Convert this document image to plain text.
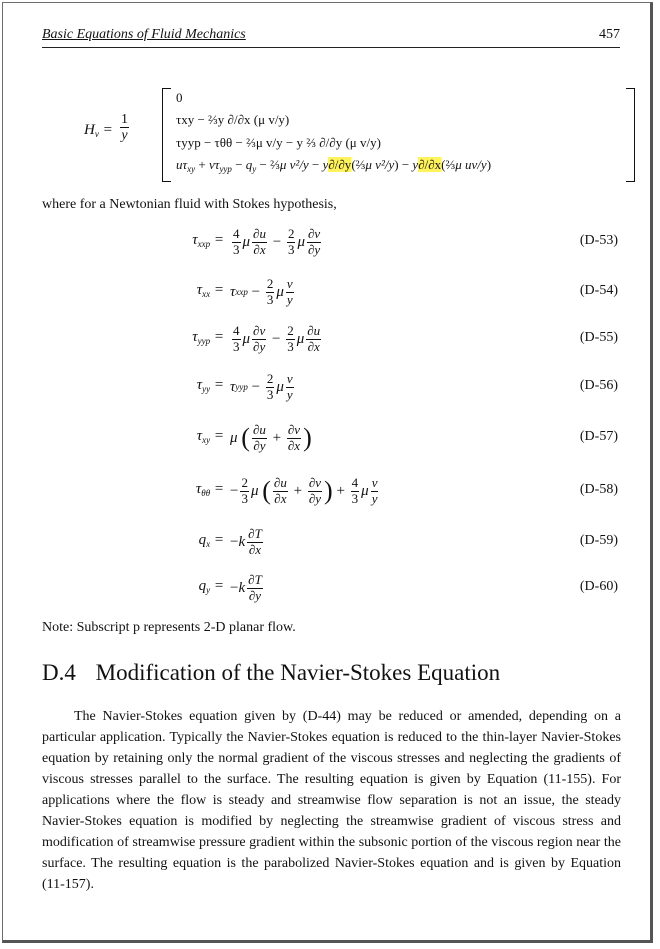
Basic Equations of Fluid Mechanics	457
$H_v = \frac{1}{y}$
0
τxy − ⅔y ∂/∂x (μ v/y)
τyyp − τθθ − ⅔μ v/y − y ⅔ ∂/∂y (μ v/y)
$u\tau_{xy} + v\tau_{yyp} - q_y$ − ⅔μ v²/y − y∂/∂y(⅔μ v²/y) − y∂/∂x(⅔μ uv/y)
where for a Newtonian fluid with Stokes hypothesis,
$\tau_{xxp} = \frac{4}{3}$ μ $\frac{\partial u}{\partial x} - \frac{2}{3}$ μ $\frac{\partial v}{\partial y}$	(D-53)
$\tau_{xx} = \tau$ xxp − $\frac{2}{3}$ μ $\frac{v}{y}$	(D-54)
$\tau_{yyp} = \frac{4}{3}$ μ $\frac{\partial v}{\partial y} - \frac{2}{3}$ μ $\frac{\partial u}{\partial x}$	(D-55)
$\tau_{yy} = \tau$ yyp − $\frac{2}{3}$ μ $\frac{v}{y}$	(D-56)
$\tau_{xy} = \mu$
( $\frac{\partial u}{\partial y} + \frac{\partial v}{\partial x}$ )	(D-57)
$\tau_{\theta\theta}$ = − $\frac{2}{3}$ μ
( $\frac{\partial u}{\partial x} + \frac{\partial v}{\partial y}$ ) + $\frac{4}{3}$ μ $\frac{v}{y}$	(D-58)
$q_x$ = − k $\frac{\partial T}{\partial x}$	(D-59)
$q_y$ = − k $\frac{\partial T}{\partial y}$	(D-60)
Note: Subscript p represents 2-D planar flow.
D.4 Modification of the Navier-Stokes Equation

The Navier-Stokes equation given by (D-44) may be reduced or amended, depending on a particular application. Typically the Navier-Stokes equation is reduced to the thin-layer Navier-Stokes equation by retaining only the normal gradient of the viscous stresses and neglecting the gradients of viscous stresses parallel to the surface. The resulting equation is given by Equation (11-155). For applications where the flow is steady and streamwise flow separation is not an issue, the steady Navier-Stokes equation is modified by neglecting the streamwise gradient of viscous stress and modification of streamwise pressure gradient within the subsonic portion of the viscous region near the surface. The resulting equation is the parabolized Navier-Stokes equation and is given by Equation (11-157).
